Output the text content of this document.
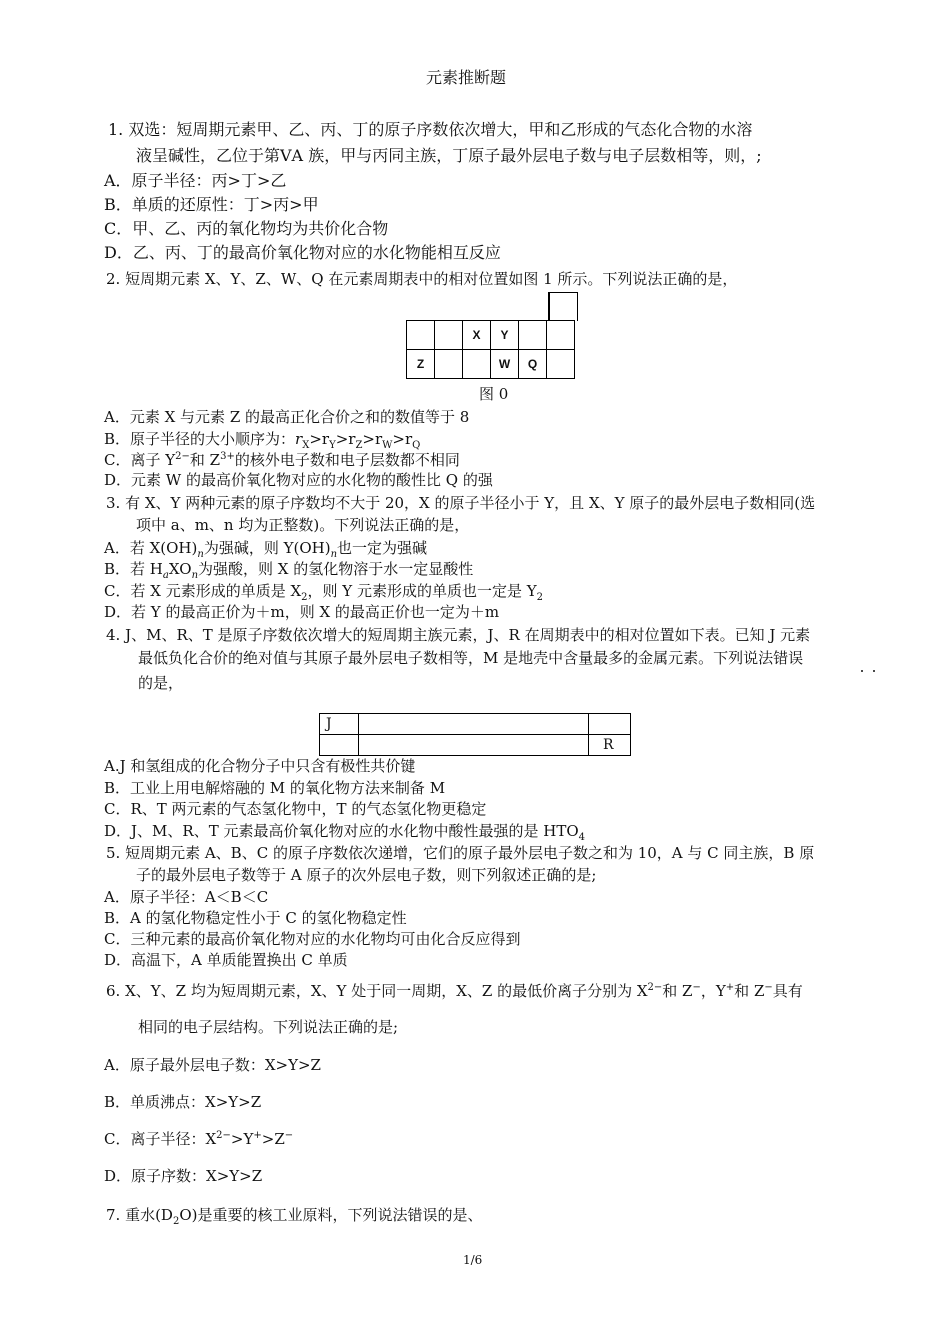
元素推断题
1. 双选：短周期元素甲、乙、丙、丁的原子序数依次增大，甲和乙形成的气态化合物的水溶
液呈碱性，乙位于第ⅤA 族，甲与丙同主族，丁原子最外层电子数与电子层数相等，则，;
A．原子半径：丙>丁>乙
B．单质的还原性：丁>丙>甲
C．甲、乙、丙的氧化物均为共价化合物
D．乙、丙、丁的最高价氧化物对应的水化物能相互反应
2. 短周期元素 X、Y、Z、W、Q 在元素周期表中的相对位置如图 1 所示。下列说法正确的是，
		X	Y		
Z			W	Q	
图 0
A．元素 X 与元素 Z 的最高正化合价之和的数值等于 8
B．原子半径的大小顺序为：$r_X>r_Y>r_Z>r_W>r_Q$
C．离子 $Y^{2-}$和 $Z^{3+}$的核外电子数和电子层数都不相同
D．元素 W 的最高价氧化物对应的水化物的酸性比 Q 的强
3. 有 X、Y 两种元素的原子序数均不大于 20，X 的原子半径小于 Y，且 X、Y 原子的最外层电子数相同(选
项中 a、m、n 均为正整数)。下列说法正确的是，
A．若 $X(OH)_n$为强碱，则 $Y(OH)_n$也一定为强碱
B．若 $H_aXO_n$为强酸，则 X 的氢化物溶于水一定显酸性
C．若 X 元素形成的单质是 $X_2$，则 Y 元素形成的单质也一定是 $Y_2$
D．若 Y 的最高正价为＋m，则 X 的最高正价也一定为＋m
4. J、M、R、T 是原子序数依次增大的短周期主族元素，J、R 在周期表中的相对位置如下表。已知 J 元素
最低负化合价的绝对值与其原子最外层电子数相等，M 是地壳中含量最多的金属元素。下列说法错误
的是，
J		
		R
A.J 和氢组成的化合物分子中只含有极性共价键
B．工业上用电解熔融的 M 的氧化物方法来制备 M
C．R、T 两元素的气态氢化物中，T 的气态氢化物更稳定
D．J、M、R、T 元素最高价氧化物对应的水化物中酸性最强的是 $HTO_4$
5. 短周期元素 A、B、C 的原子序数依次递增，它们的原子最外层电子数之和为 10，A 与 C 同主族，B 原
子的最外层电子数等于 A 原子的次外层电子数，则下列叙述正确的是;
A．原子半径：A＜B＜C
B．A 的氢化物稳定性小于 C 的氢化物稳定性
C．三种元素的最高价氧化物对应的水化物均可由化合反应得到
D．高温下，A 单质能置换出 C 单质
6. X、Y、Z 均为短周期元素，X、Y 处于同一周期，X、Z 的最低价离子分别为 $X^{2-}$和 Z−，Y+和 Z−具有
相同的电子层结构。下列说法正确的是;
A．原子最外层电子数：X>Y>Z
B．单质沸点：X>Y>Z
C．离子半径：$X^{2-}>Y^+>Z^-$
D．原子序数：X>Y>Z
7. 重水$(D_2O)$是重要的核工业原料，下列说法错误的是、
1/6
